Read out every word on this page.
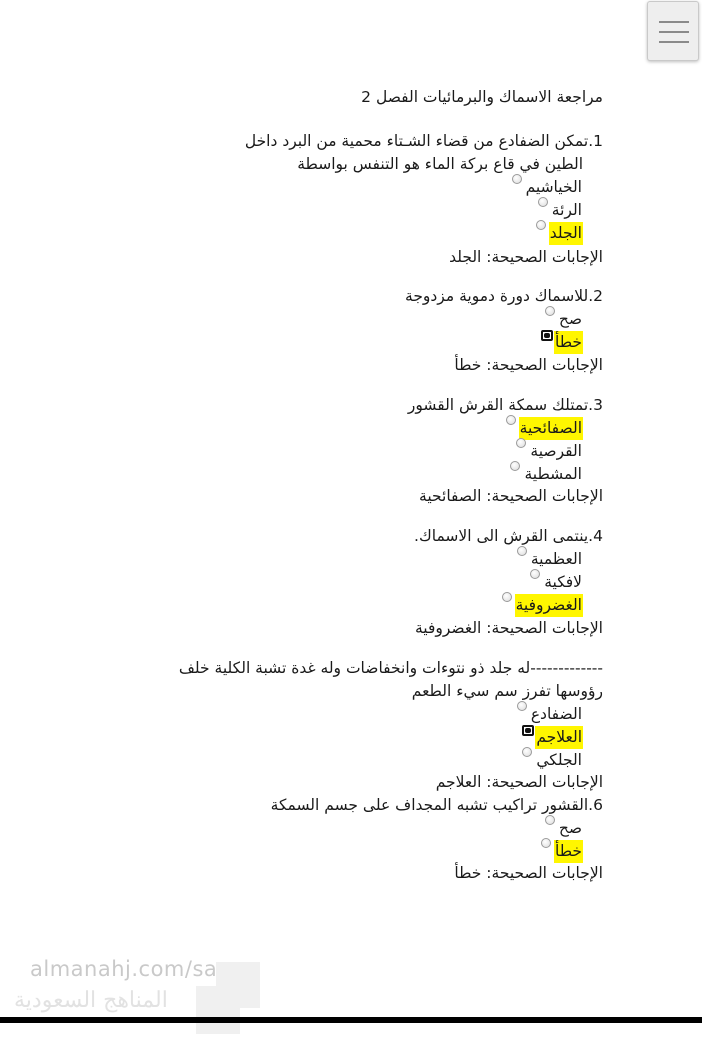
مراجعة الاسماك والبرمائيات الفصل 2
1.تمكن الضفادع من قضاء الشـتاء محمية من البرد داخل
الطين في قاع بركة الماء هو التنفس بواسطة
الخياشيم
الرئة
الجلد
الإجابات الصحيحة: الجلد
2.للاسماك دورة دموية مزدوجة
صح
خطأ
الإجابات الصحيحة: خطأ
3.تمتلك سمكة القرش القشور
الصفائحية
القرصية
المشطية
الإجابات الصحيحة: الصفائحية
4.ينتمى القرش الى الاسماك.
العظمية
لافكية
الغضروفية
الإجابات الصحيحة: الغضروفية
-------------له جلد ذو نتوءات وانخفاضات وله غدة تشبة الكلية خلف
رؤوسها تفرز سم سيء الطعم
الضفادع
العلاجم
الجلكي
الإجابات الصحيحة: العلاجم
6.القشور تراكيب تشبه المجداف على جسم السمكة
صح
خطأ
الإجابات الصحيحة: خطأ
almanahj.com/sa
المناهج السعودية
